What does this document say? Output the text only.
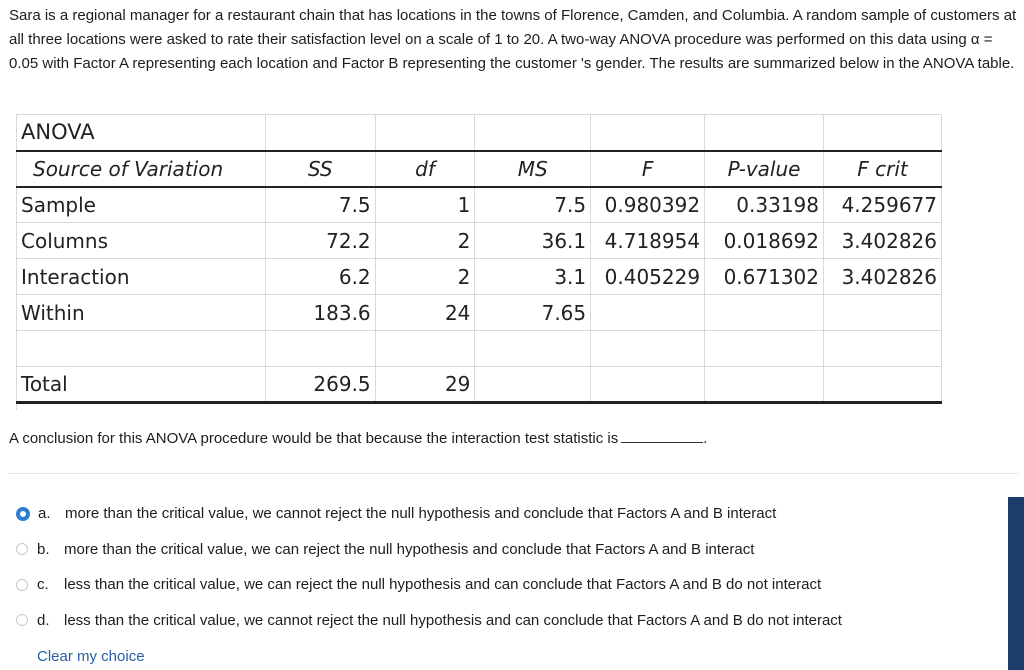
Sara is a regional manager for a restaurant chain that has locations in the towns of Florence, Camden, and Columbia. A random sample of customers at all three locations were asked to rate their satisfaction level on a scale of 1 to 20. A two-way ANOVA procedure was performed on this data using α = 0.05 with Factor A representing each location and Factor B representing the customer 's gender. The results are summarized below in the ANOVA table.
ANOVA						
Source of Variation	SS	df	MS	F	P-value	F crit
Sample	7.5	1	7.5	0.980392	0.33198	4.259677
Columns	72.2	2	36.1	4.718954	0.018692	3.402826
Interaction	6.2	2	3.1	0.405229	0.671302	3.402826
Within	183.6	24	7.65			

Total	269.5	29				
A conclusion for this ANOVA procedure would be that because the interaction test statistic is	.
a. more than the critical value, we cannot reject the null hypothesis and conclude that Factors A and B interact
b. more than the critical value, we can reject the null hypothesis and conclude that Factors A and B interact
c.	less than the critical value, we can reject the null hypothesis and can conclude that Factors A and B do not interact
d. less than the critical value, we cannot reject the null hypothesis and can conclude that Factors A and B do not interact
Clear my choice
